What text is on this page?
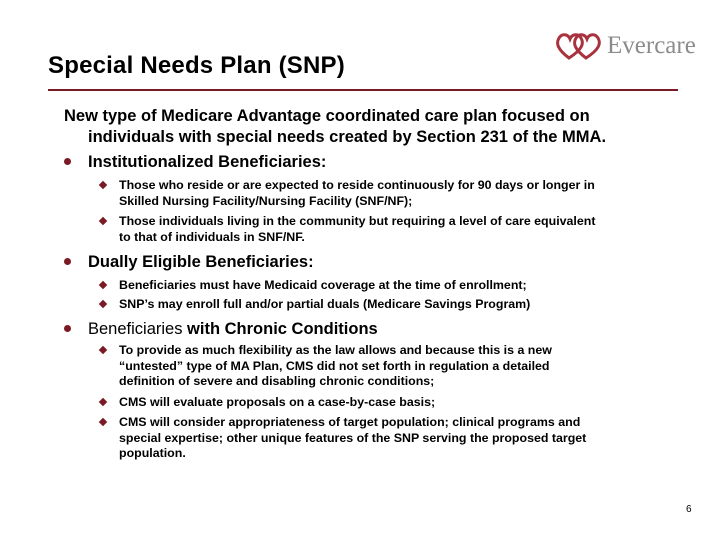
Special Needs Plan (SNP)
Evercare
New type of Medicare Advantage coordinated care plan focused on
individuals with special needs created by Section 231 of the MMA.
Institutionalized Beneficiaries:
Those who reside or are expected to reside continuously for 90 days or longer in
Skilled Nursing Facility/Nursing Facility (SNF/NF);
Those individuals living in the community but requiring a level of care equivalent
to that of individuals in SNF/NF.
Dually Eligible Beneficiaries:
Beneficiaries must have Medicaid coverage at the time of enrollment;
SNP’s may enroll full and/or partial duals (Medicare Savings Program)
Beneficiaries with Chronic Conditions
To provide as much flexibility as the law allows and because this is a new
“untested” type of MA Plan, CMS did not set forth in regulation a detailed
definition of severe and disabling chronic conditions;
CMS will evaluate proposals on a case-by-case basis;
CMS will consider appropriateness of target population; clinical programs and
special expertise; other unique features of the SNP serving the proposed target
population.
6
